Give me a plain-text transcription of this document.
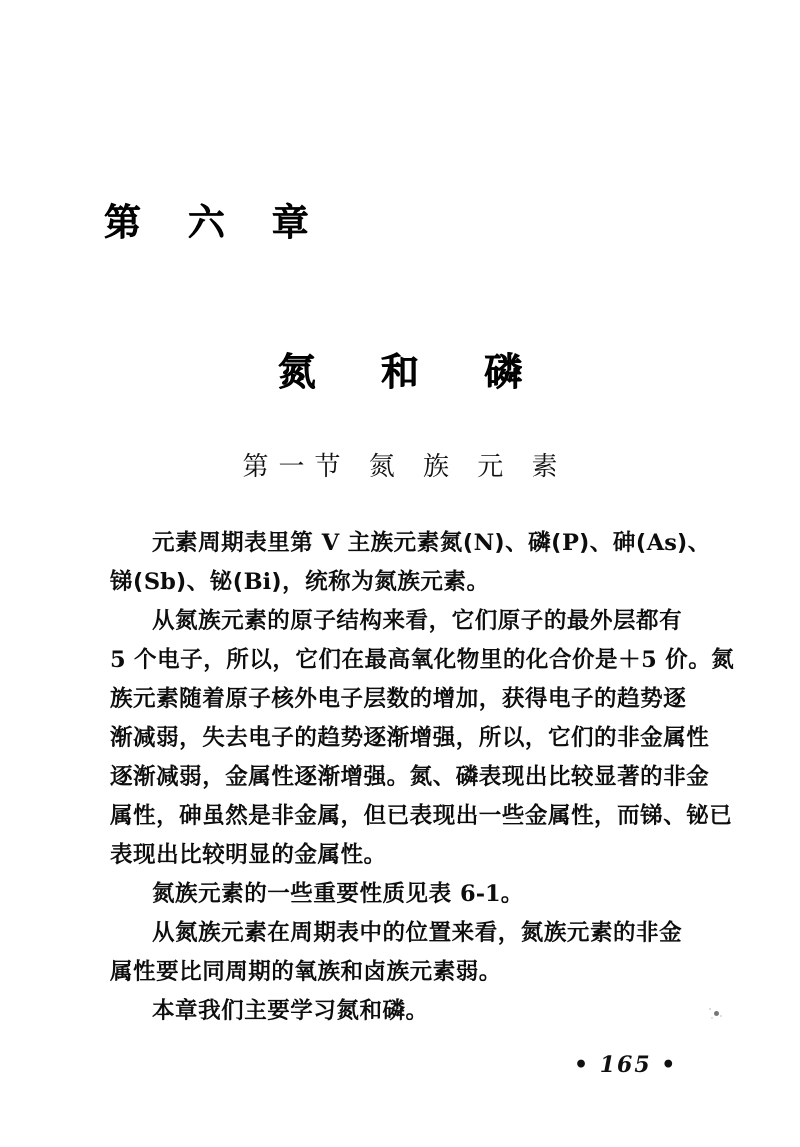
第 六 章
氮 和 磷
第一节 氮 族 元 素
元素周期表里第 V 主族元素氮(N)、磷(P)、砷(As)、
锑(Sb)、铋(Bi)，统称为氮族元素。
从氮族元素的原子结构来看，它们原子的最外层都有
5 个电子，所以，它们在最高氧化物里的化合价是＋5 价。氮
族元素随着原子核外电子层数的增加，获得电子的趋势逐
渐减弱，失去电子的趋势逐渐增强，所以，它们的非金属性
逐渐减弱，金属性逐渐增强。氮、磷表现出比较显著的非金
属性，砷虽然是非金属，但已表现出一些金属性，而锑、铋已
表现出比较明显的金属性。
氮族元素的一些重要性质见表 6-1。
从氮族元素在周期表中的位置来看，氮族元素的非金
属性要比同周期的氧族和卤族元素弱。
本章我们主要学习氮和磷。
• 165 •
